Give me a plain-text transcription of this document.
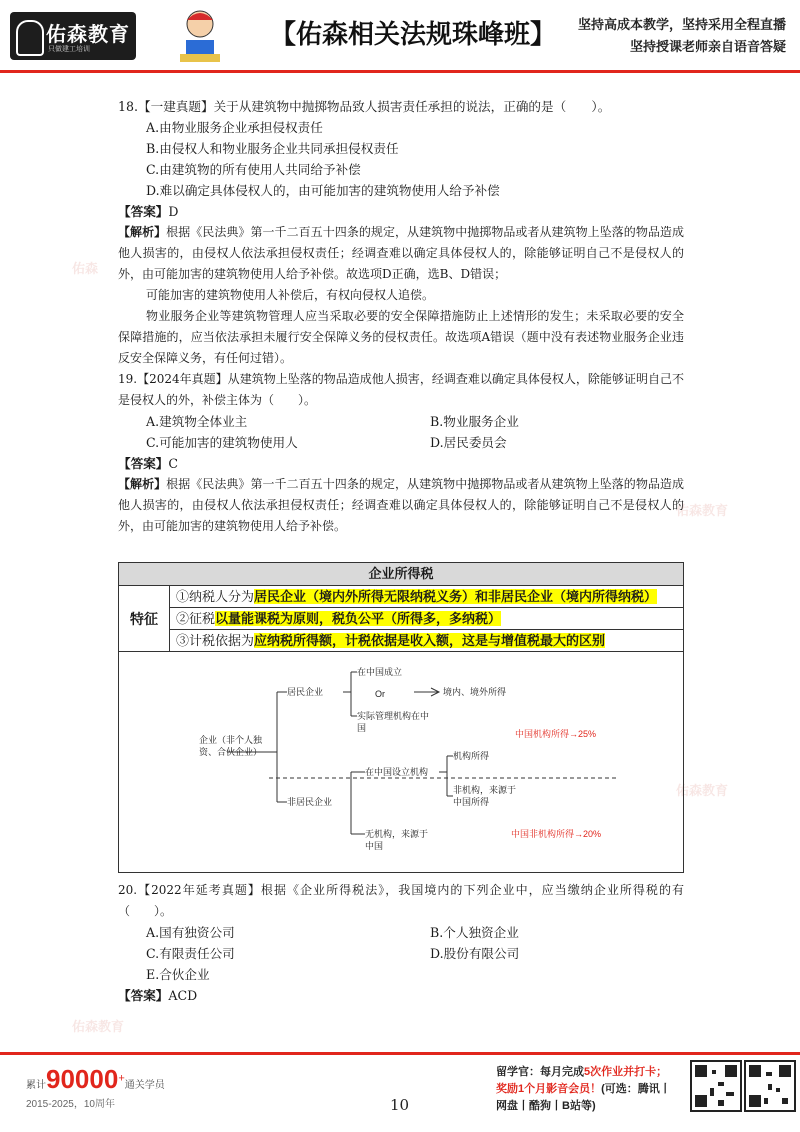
佑森教育
只做建工培训
【佑森相关法规珠峰班】 坚持高成本教学，坚持采用全程直播
坚持授课老师亲自语音答疑
佑森
佑森教育
佑森教育
佑森教育
18.【一建真题】关于从建筑物中抛掷物品致人损害责任承担的说法，正确的是（　　）。
A.由物业服务企业承担侵权责任
B.由侵权人和物业服务企业共同承担侵权责任
C.由建筑物的所有使用人共同给予补偿
D.难以确定具体侵权人的，由可能加害的建筑物使用人给予补偿
【答案】D
【解析】根据《民法典》第一千二百五十四条的规定，从建筑物中抛掷物品或者从建筑物上坠落的物品造成他人损害的，由侵权人依法承担侵权责任；经调查难以确定具体侵权人的，除能够证明自己不是侵权人的外，由可能加害的建筑物使用人给予补偿。故选项D正确，选B、D错误；
可能加害的建筑物使用人补偿后，有权向侵权人追偿。
物业服务企业等建筑物管理人应当采取必要的安全保障措施防止上述情形的发生；未采取必要的安全保障措施的，应当依法承担未履行安全保障义务的侵权责任。故选项A错误（题中没有表述物业服务企业违反安全保障义务，有任何过错）。
19.【2024年真题】从建筑物上坠落的物品造成他人损害，经调查难以确定具体侵权人，除能够证明自己不是侵权人的外，补偿主体为（　　）。
A.建筑物全体业主	B.物业服务企业
C.可能加害的建筑物使用人	D.居民委员会
【答案】C
【解析】根据《民法典》第一千二百五十四条的规定，从建筑物中抛掷物品或者从建筑物上坠落的物品造成他人损害的，由侵权人依法承担侵权责任；经调查难以确定具体侵权人的，除能够证明自己不是侵权人的外，由可能加害的建筑物使用人给予补偿。
企业所得税
特征
①纳税人分为居民企业（境内外所得无限纳税义务）和非居民企业（境内所得纳税）
②征税以量能课税为原则，税负公平（所得多，多纳税）
③计税依据为应纳税所得额，计税依据是收入额，这是与增值税最大的区别
企业（非个人独资、合伙企业）
居民企业
在中国成立
Or
实际管理机构在中国
境内、境外所得
中国机构所得→25%
非居民企业
在中国设立机构
机构所得
非机构，来源于中国所得
无机构，来源于中国
中国非机构所得→20%
20.【2022年延考真题】根据《企业所得税法》，我国境内的下列企业中，应当缴纳企业所得税的有（　　）。
A.国有独资公司	B.个人独资企业
C.有限责任公司	D.股份有限公司
E.合伙企业
【答案】ACD
累计90000+通关学员
2015-2025，10周年	10
留学官：每月完成5次作业并打卡；
奖励1个月影音会员！(可选：腾讯丨
网盘丨酷狗丨B站等)
